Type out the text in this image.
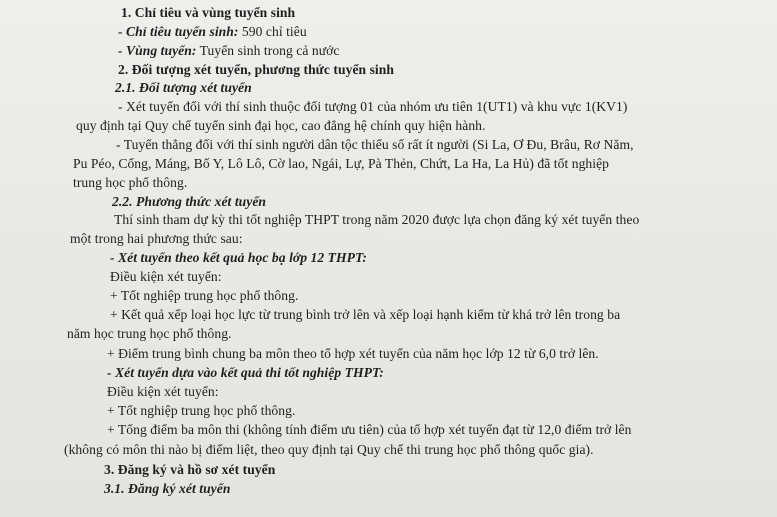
1. Chỉ tiêu và vùng tuyển sinh
- Chỉ tiêu tuyển sinh: 590 chỉ tiêu
- Vùng tuyển: Tuyển sinh trong cả nước
2. Đối tượng xét tuyển, phương thức tuyển sinh
2.1. Đối tượng xét tuyển
- Xét tuyển đối với thí sinh thuộc đối tượng 01 của nhóm ưu tiên 1(UT1) và khu vực 1(KV1)
quy định tại Quy chế tuyển sinh đại học, cao đẳng hệ chính quy hiện hành.
- Tuyển thẳng đối với thí sinh người dân tộc thiểu số rất ít người (Si La, Ơ Đu, Brâu, Rơ Năm,
Pu Péo, Cống, Máng, Bố Y, Lô Lô, Cờ lao, Ngái, Lự, Pà Thẻn, Chứt, La Ha, La Hủ) đã tốt nghiệp
trung học phổ thông.
2.2. Phương thức xét tuyển
Thí sinh tham dự kỳ thi tốt nghiệp THPT trong năm 2020 được lựa chọn đăng ký xét tuyển theo
một trong hai phương thức sau:
- Xét tuyển theo kết quả học bạ lớp 12 THPT:
Điều kiện xét tuyển:
+ Tốt nghiệp trung học phổ thông.
+ Kết quả xếp loại học lực từ trung bình trở lên và xếp loại hạnh kiểm từ khá trở lên trong ba
năm học trung học phổ thông.
+ Điểm trung bình chung ba môn theo tổ hợp xét tuyển của năm học lớp 12 từ 6,0 trở lên.
- Xét tuyển dựa vào kết quả thi tốt nghiệp THPT:
Điều kiện xét tuyển:
+ Tốt nghiệp trung học phổ thông.
+ Tổng điểm ba môn thi (không tính điểm ưu tiên) của tổ hợp xét tuyển đạt từ 12,0 điểm trở lên
(không có môn thi nào bị điểm liệt, theo quy định tại Quy chế thi trung học phổ thông quốc gia).
3. Đăng ký và hồ sơ xét tuyển
3.1. Đăng ký xét tuyển
